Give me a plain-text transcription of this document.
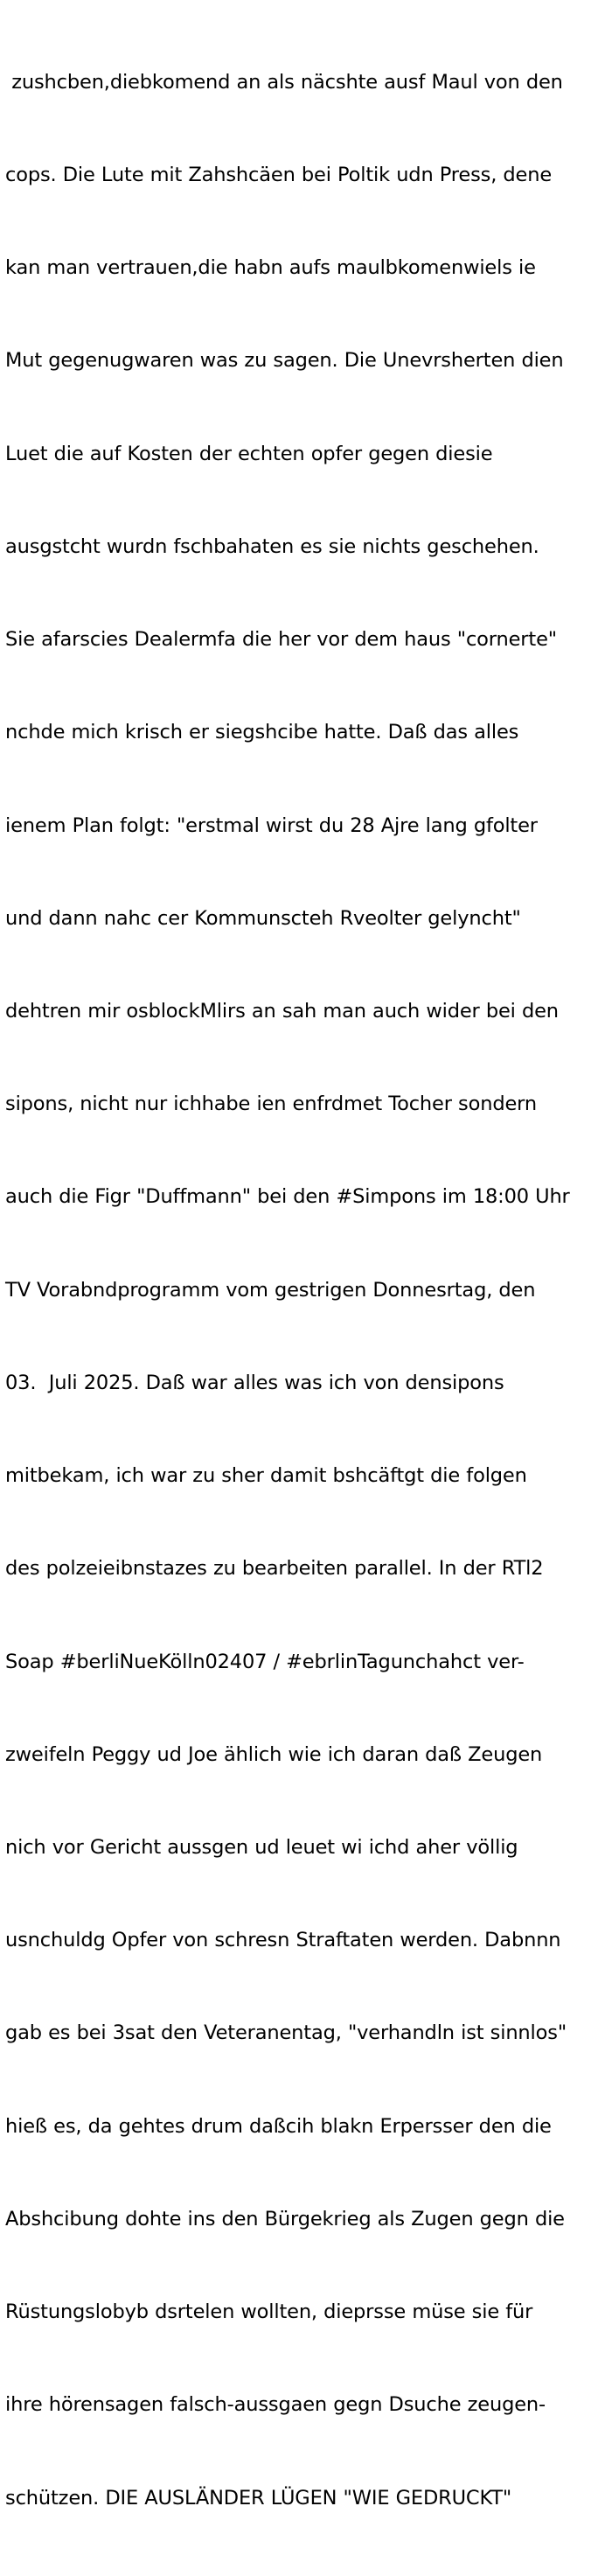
zushcben,diebkomend an als näcshte ausf Maul von den

cops. Die Lute mit Zahshcäen bei Poltik udn Press, dene

kan man vertrauen,die habn aufs maulbkomenwiels ie

Mut gegenugwaren was zu sagen. Die Unevrsherten dien

Luet die auf Kosten der echten opfer gegen diesie

ausgstcht wurdn fschbahaten es sie nichts geschehen.

Sie afarscies Dealermfa die her vor dem haus "cornerte"

nchde mich krisch er siegshcibe hatte. Daß das alles

ienem Plan folgt: "erstmal wirst du 28 Ajre lang gfolter

und dann nahc cer Kommunscteh Rveolter gelyncht"

dehtren mir osblockMlirs an sah man auch wider bei den

sipons, nicht nur ichhabe ien enfrdmet Tocher sondern

auch die Figr "Duffmann" bei den #Simpons im 18:00 Uhr

TV Vorabndprogramm vom gestrigen Donnesrtag, den

03.  Juli 2025. Daß war alles was ich von densipons

mitbekam, ich war zu sher damit bshcäftgt die folgen

des polzeieibnstazes zu bearbeiten parallel. In der RTl2

Soap #berliNueKölln02407 / #ebrlinTagunchahct ver-

zweifeln Peggy ud Joe ählich wie ich daran daß Zeugen

nich vor Gericht aussgen ud leuet wi ichd aher völlig

usnchuldg Opfer von schresn Straftaten werden. Dabnnn

gab es bei 3sat den Veteranentag, "verhandln ist sinnlos"

hieß es, da gehtes drum daßcih blakn Erpersser den die

Abshcibung dohte ins den Bürgekrieg als Zugen gegn die

Rüstungslobyb dsrtelen wollten, dieprsse müse sie für

ihre hörensagen falsch-aussgaen gegn Dsuche zeugen-

schützen. DIE AUSLÄNDER LÜGEN "WIE GEDRUCKT"
